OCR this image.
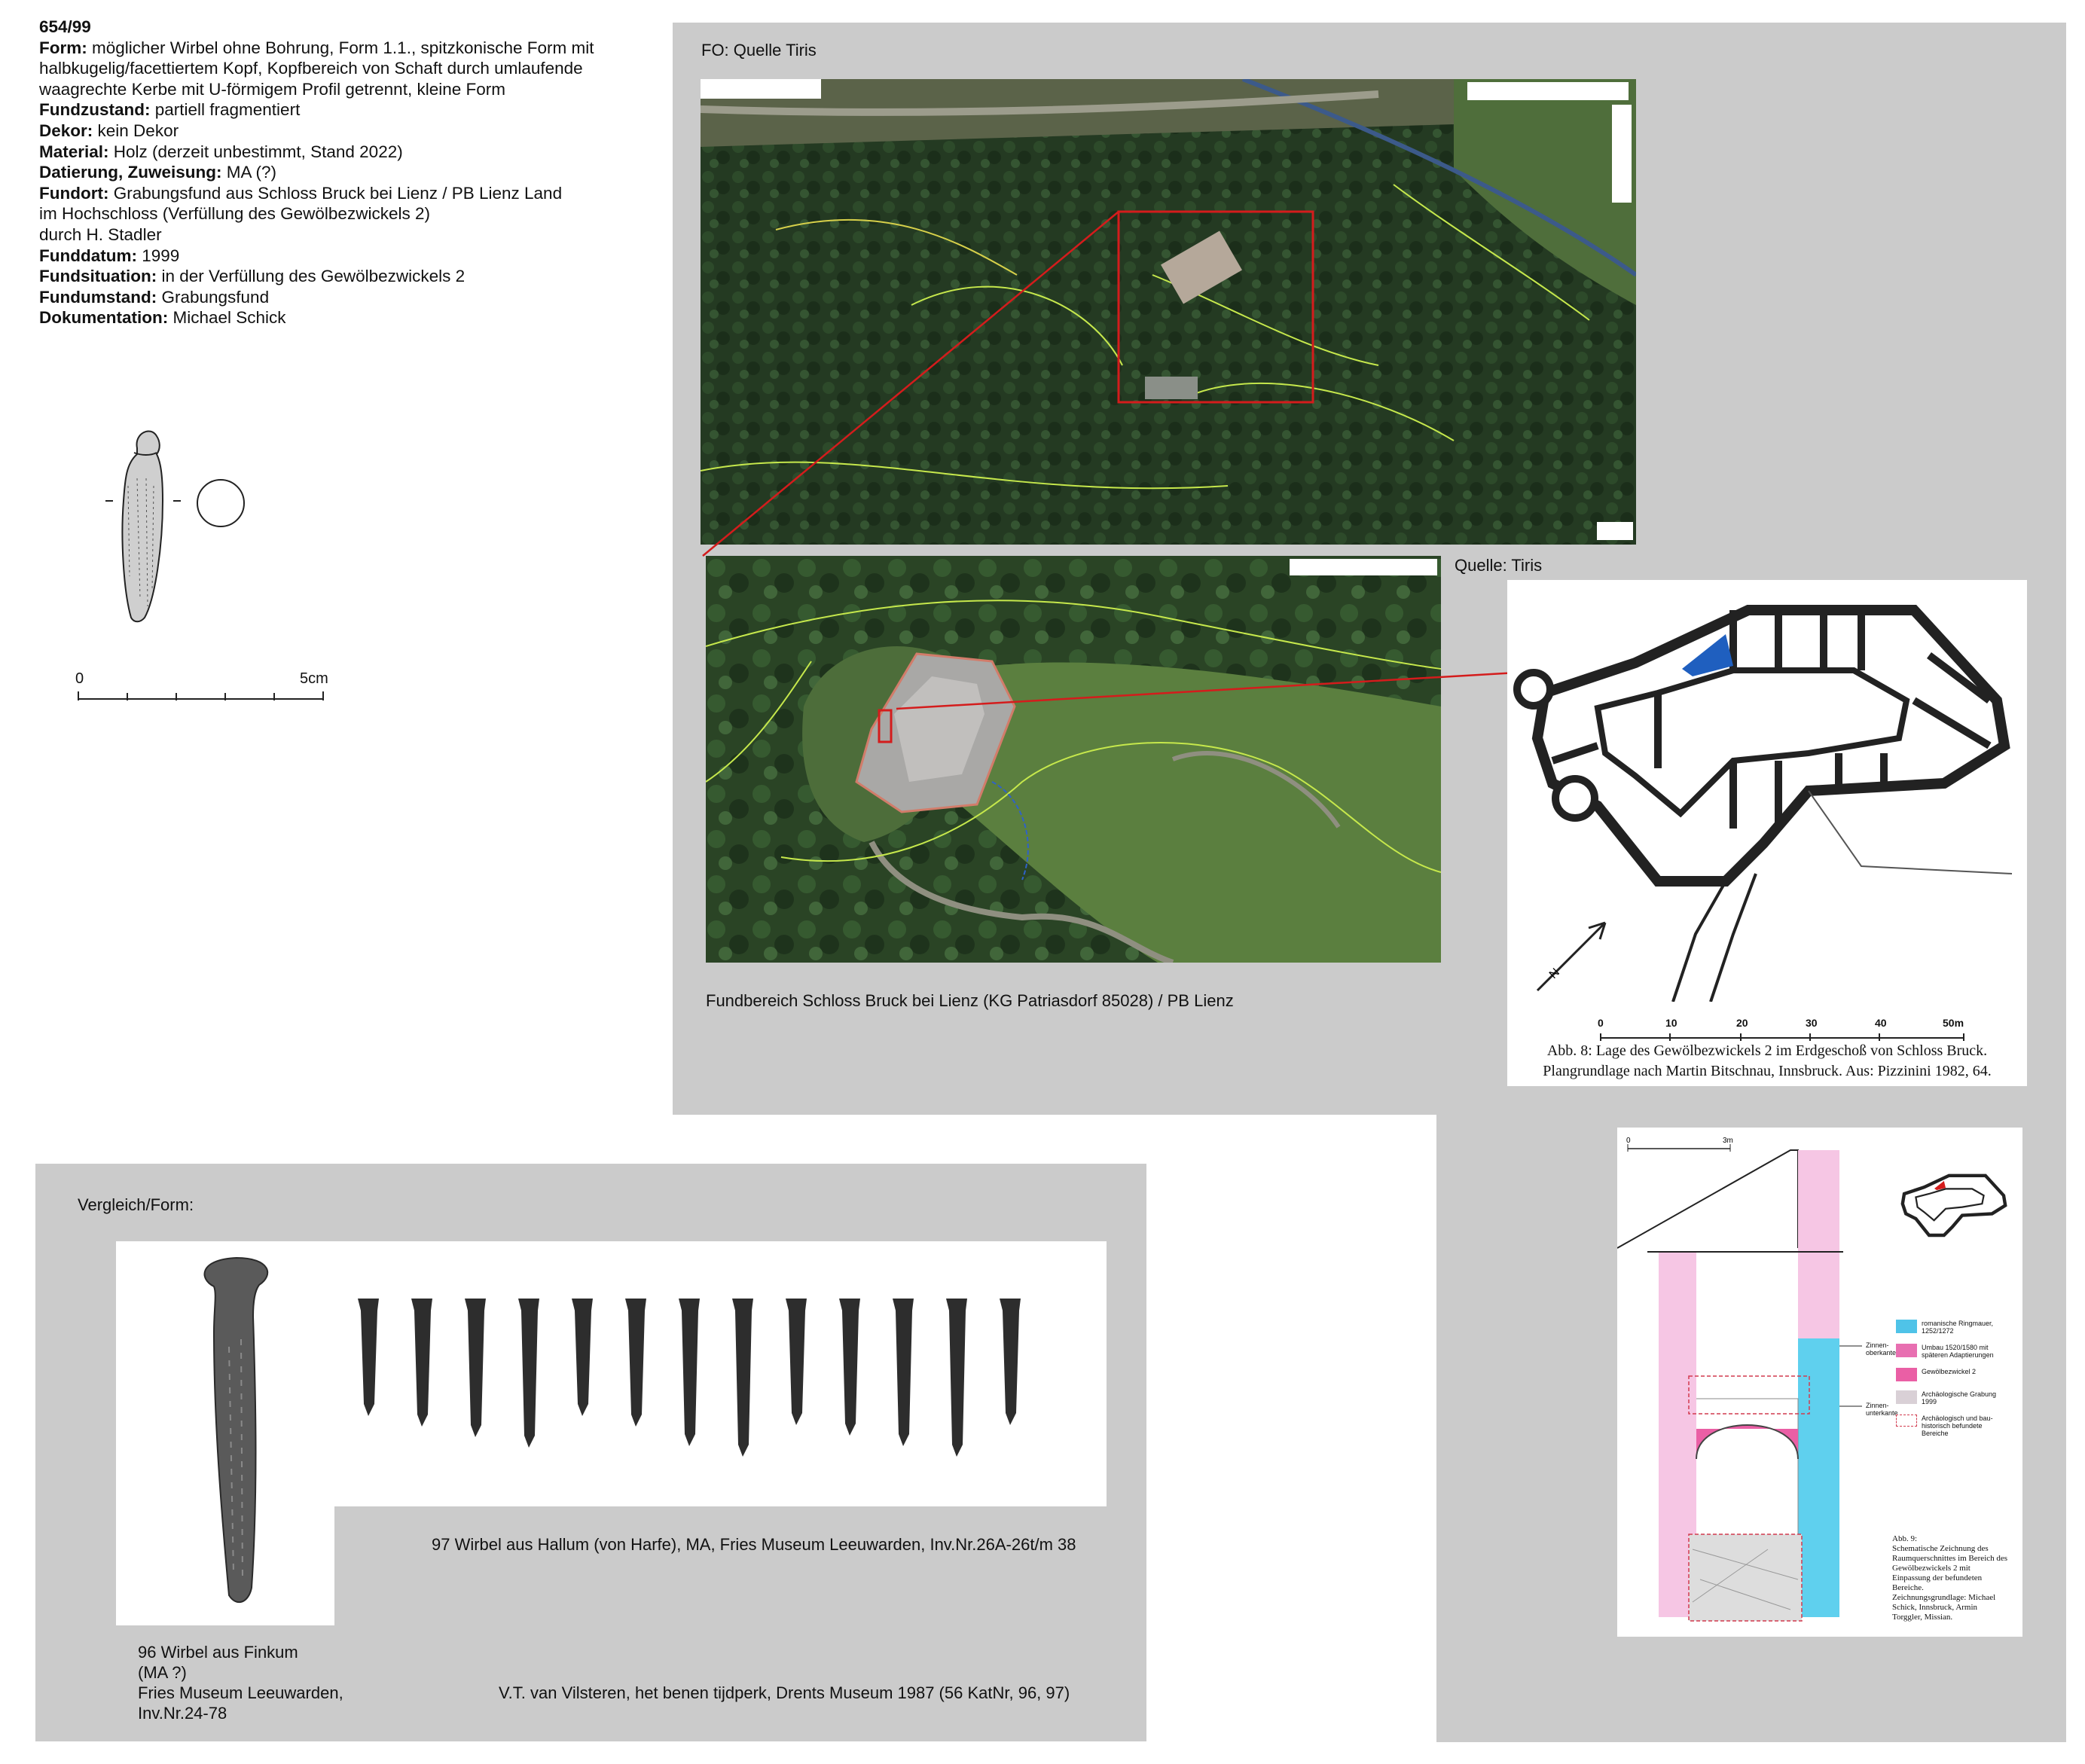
654/99
Form: möglicher Wirbel ohne Bohrung, Form 1.1., spitzkonische Form mit
halbkugelig/facettiertem Kopf, Kopfbereich von Schaft durch umlaufende
waagrechte Kerbe mit U-förmigem Profil getrennt, kleine Form
Fundzustand: partiell fragmentiert
Dekor: kein Dekor
Material: Holz (derzeit unbestimmt, Stand 2022)
Datierung, Zuweisung: MA (?)
Fundort: Grabungsfund aus Schloss Bruck bei Lienz / PB Lienz Land
im Hochschloss (Verfüllung des Gewölbezwickels 2)
durch H. Stadler
Funddatum: 1999
Fundsituation: in der Verfüllung des Gewölbezwickels 2
Fundumstand: Grabungsfund
Dokumentation: Michael Schick
0	5cm
FO: Quelle Tiris
Quelle: Tiris
Fundbereich Schloss Bruck bei Lienz (KG Patriasdorf 85028) / PB Lienz
N
0	10	20	30	40	50m
Abb. 8: Lage des Gewölbezwickels 2 im Erdgeschoß von Schloss Bruck.
Plangrundlage nach Martin Bitschnau, Innsbruck. Aus: Pizzinini 1982, 64.
0	3m
Zinnen-
oberkante
Zinnen-
unterkante
romanische Ringmauer,
1252/1272
Umbau 1520/1580 mit
späteren Adaptierungen
Gewölbezwickel 2
Archäologische Grabung
1999
Archäologisch und bau-
historisch befundete
Bereiche
Abb. 9:
Schematische Zeichnung des
Raumquerschnittes im Bereich des
Gewölbezwickels 2 mit
Einpassung der befundeten
Bereiche.
Zeichnungsgrundlage: Michael
Schick, Innsbruck, Armin
Torggler, Missian.
Vergleich/Form:
97 Wirbel aus Hallum (von Harfe), MA, Fries Museum Leeuwarden, Inv.Nr.26A-26t/m 38
96 Wirbel aus Finkum
(MA ?)
Fries Museum Leeuwarden,
Inv.Nr.24-78
V.T. van Vilsteren, het benen tijdperk, Drents Museum 1987 (56 KatNr, 96, 97)
